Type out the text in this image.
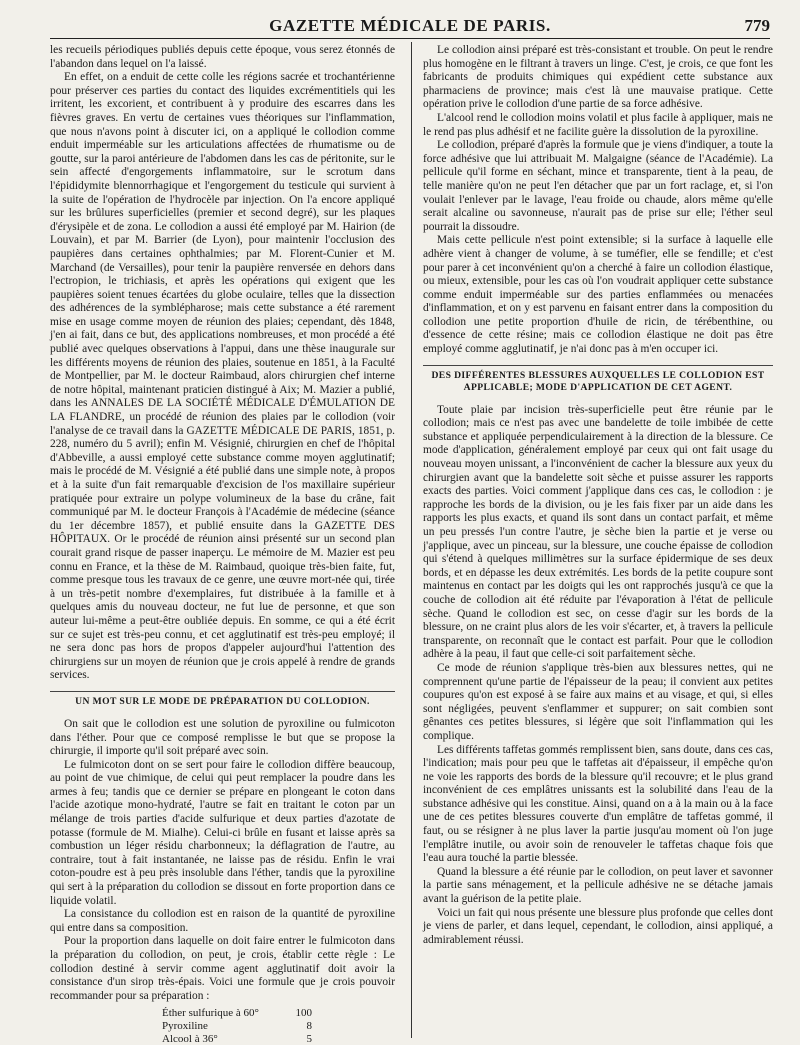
GAZETTE MÉDICALE DE PARIS.	779

les recueils périodiques publiés depuis cette époque, vous serez étonnés de l'abandon dans lequel on l'a laissé.

En effet, on a enduit de cette colle les régions sacrée et trochantérienne pour préserver ces parties du contact des liquides excrémentitiels qui les irritent, les excorient, et contribuent à y produire des escarres dans les fièvres graves. En vertu de certaines vues théoriques sur l'inflammation, que nous n'avons point à discuter ici, on a appliqué le collodion comme enduit imperméable sur les articulations affectées de rhumatisme ou de goutte, sur la paroi antérieure de l'abdomen dans les cas de péritonite, sur le sein affecté d'engorgements inflammatoire, sur le scrotum dans l'épididymite blennorrhagique et l'engorgement du testicule qui survient à la suite de l'opération de l'hydrocèle par injection. On l'a encore appliqué sur les brûlures superficielles (premier et second degré), sur les plaques d'érysipèle et de zona. Le collodion a aussi été employé par M. Hairion (de Louvain), et par M. Barrier (de Lyon), pour maintenir l'occlusion des paupières dans certaines ophthalmies; par M. Florent-Cunier et M. Marchand (de Versailles), pour tenir la paupière renversée en dehors dans l'ectropion, le trichiasis, et après les opérations qui exigent que les paupières soient tenues écartées du globe oculaire, telles que la dissection des adhérences de la symblépharose; mais cette substance a été rarement mise en usage comme moyen de réunion des plaies; cependant, dès 1848, j'en ai fait, dans ce but, des applications nombreuses, et mon procédé a été publié avec quelques observations à l'appui, dans une thèse inaugurale sur les différents moyens de réunion des plaies, soutenue en 1851, à la Faculté de Montpellier, par M. le docteur Raimbaud, alors chirurgien chef interne de notre hôpital, maintenant praticien distingué à Aix; M. Mazier a publié, dans les ANNALES DE LA SOCIÉTÉ MÉDICALE D'ÉMULATION DE LA FLANDRE, un procédé de réunion des plaies par le collodion (voir l'analyse de ce travail dans la GAZETTE MÉDICALE DE PARIS, 1851, p. 228, numéro du 5 avril); enfin M. Vésignié, chirurgien en chef de l'hôpital d'Abbeville, a aussi employé cette substance comme moyen agglutinatif; mais le procédé de M. Vésignié a été publié dans une simple note, à propos et à la suite d'un fait remarquable d'excision de l'os maxillaire supérieur pratiquée pour extraire un polype volumineux de la base du crâne, fait communiqué par M. le docteur François à l'Académie de médecine (séance du 1er décembre 1857), et publié ensuite dans la GAZETTE DES HÔPITAUX. Or le procédé de réunion ainsi présenté sur un second plan courait grand risque de passer inaperçu. Le mémoire de M. Mazier est peu connu en France, et la thèse de M. Raimbaud, quoique très-bien faite, fut, comme presque tous les travaux de ce genre, une œuvre mort-née qui, tirée à un très-petit nombre d'exemplaires, fut distribuée à la famille et à quelques amis du nouveau docteur, ne fut lue de personne, et que son auteur lui-même a peut-être oubliée depuis. En somme, ce qui a été écrit sur ce sujet est très-peu connu, et cet agglutinatif est très-peu employé; il ne sera donc pas hors de propos d'appeler aujourd'hui l'attention des chirurgiens sur un moyen de réunion que je crois appelé à rendre de grands services.

UN MOT SUR LE MODE DE PRÉPARATION DU COLLODION.

On sait que le collodion est une solution de pyroxiline ou fulmicoton dans l'éther. Pour que ce composé remplisse le but que se propose la chirurgie, il importe qu'il soit préparé avec soin.

Le fulmicoton dont on se sert pour faire le collodion diffère beaucoup, au point de vue chimique, de celui qui peut remplacer la poudre dans les armes à feu; tandis que ce dernier se prépare en plongeant le coton dans l'acide azotique mono-hydraté, l'autre se fait en traitant le coton par un mélange de trois parties d'acide sulfurique et deux parties d'azotate de potasse (formule de M. Mialhe). Celui-ci brûle en fusant et laisse après sa combustion un léger résidu charbonneux; la déflagration de l'autre, au contraire, tout à fait instantanée, ne laisse pas de résidu. Enfin le vrai coton-poudre est à peu près insoluble dans l'éther, tandis que la pyroxiline qui sert à la préparation du collodion se dissout en forte proportion dans ce liquide volatil.

La consistance du collodion est en raison de la quantité de pyroxiline qui entre dans sa composition.

Pour la proportion dans laquelle on doit faire entrer le fulmicoton dans la préparation du collodion, on peut, je crois, établir cette règle : Le collodion destiné à servir comme agent agglutinatif doit avoir la consistance d'un sirop très-épais. Voici une formule que je crois pouvoir recommander pour sa préparation :

Éther sulfurique à 60°	100
Pyroxiline	8
Alcool à 36°	5

Le collodion ainsi préparé est très-consistant et trouble. On peut le rendre plus homogène en le filtrant à travers un linge. C'est, je crois, ce que font les fabricants de produits chimiques qui expédient cette substance aux pharmaciens de province; mais c'est là une mauvaise pratique. Cette opération prive le collodion d'une partie de sa force adhésive.

L'alcool rend le collodion moins volatil et plus facile à appliquer, mais ne le rend pas plus adhésif et ne facilite guère la dissolution de la pyroxiline.

Le collodion, préparé d'après la formule que je viens d'indiquer, a toute la force adhésive que lui attribuait M. Malgaigne (séance de l'Académie). La pellicule qu'il forme en séchant, mince et transparente, tient à la peau, de telle manière qu'on ne peut l'en détacher que par un fort raclage, et, si l'on voulait l'enlever par le lavage, l'eau froide ou chaude, alors même qu'elle serait alcaline ou savonneuse, n'aurait pas de prise sur elle; l'éther seul pourrait la dissoudre.

Mais cette pellicule n'est point extensible; si la surface à laquelle elle adhère vient à changer de volume, à se tuméfier, elle se fendille; et c'est pour parer à cet inconvénient qu'on a cherché à faire un collodion élastique, ou mieux, extensible, pour les cas où l'on voudrait appliquer cette substance comme enduit imperméable sur des parties enflammées ou menacées d'inflammation, et on y est parvenu en faisant entrer dans la composition du collodion une petite proportion d'huile de ricin, de térébenthine, ou d'essence de cette résine; mais ce collodion élastique ne doit pas être employé comme agglutinatif, je n'ai donc pas à m'en occuper ici.

DES DIFFÉRENTES BLESSURES AUXQUELLES LE COLLODION EST APPLICABLE; MODE D'APPLICATION DE CET AGENT.

Toute plaie par incision très-superficielle peut être réunie par le collodion; mais ce n'est pas avec une bandelette de toile imbibée de cette substance et appliquée perpendiculairement à la direction de la blessure. Ce mode d'application, généralement employé par ceux qui ont fait usage du nouveau moyen unissant, a l'inconvénient de cacher la blessure aux yeux du chirurgien avant que la bandelette soit sèche et puisse assurer les rapports exacts des parties. Voici comment j'applique dans ces cas, le collodion : je rapproche les bords de la division, ou je les fais fixer par un aide dans les rapports les plus exacts, et quand ils sont dans un contact parfait, et même un peu pressés l'un contre l'autre, je sèche bien la partie et je verse ou j'applique, avec un pinceau, sur la blessure, une couche épaisse de collodion qui s'étend à quelques millimètres sur la surface épidermique de ses deux bords, et en dépasse les deux extrémités. Les bords de la petite coupure sont maintenus en contact par les doigts qui les ont rapprochés jusqu'à ce que la couche de collodion ait été réduite par l'évaporation à l'état de pellicule sèche. Quand le collodion est sec, on cesse d'agir sur les bords de la blessure, on ne craint plus alors de les voir s'écarter, et, à travers la pellicule transparente, on reconnaît que le contact est parfait. Pour que le collodion adhère à la peau, il faut que celle-ci soit parfaitement sèche.

Ce mode de réunion s'applique très-bien aux blessures nettes, qui ne comprennent qu'une partie de l'épaisseur de la peau; il convient aux petites coupures qu'on est exposé à se faire aux mains et au visage, et qui, si elles sont négligées, peuvent s'enflammer et suppurer; on sait combien sont gênantes ces petites blessures, si légère que soit l'inflammation qui les complique.

Les différents taffetas gommés remplissent bien, sans doute, dans ces cas, l'indication; mais pour peu que le taffetas ait d'épaisseur, il empêche qu'on ne voie les rapports des bords de la blessure qu'il recouvre; et le plus grand inconvénient de ces emplâtres unissants est la solubilité dans l'eau de la substance adhésive qui les constitue. Ainsi, quand on a à la main ou à la face une de ces petites blessures couverte d'un emplâtre de taffetas gommé, il faut, ou se résigner à ne plus laver la partie jusqu'au moment où l'on juge l'emplâtre inutile, ou avoir soin de renouveler le taffetas chaque fois que l'eau aura touché la partie blessée.

Quand la blessure a été réunie par le collodion, on peut laver et savonner la partie sans ménagement, et la pellicule adhésive ne se détache jamais avant la guérison de la petite plaie.

Voici un fait qui nous présente une blessure plus profonde que celles dont je viens de parler, et dans lequel, cependant, le collodion, ainsi appliqué, a admirablement réussi.
